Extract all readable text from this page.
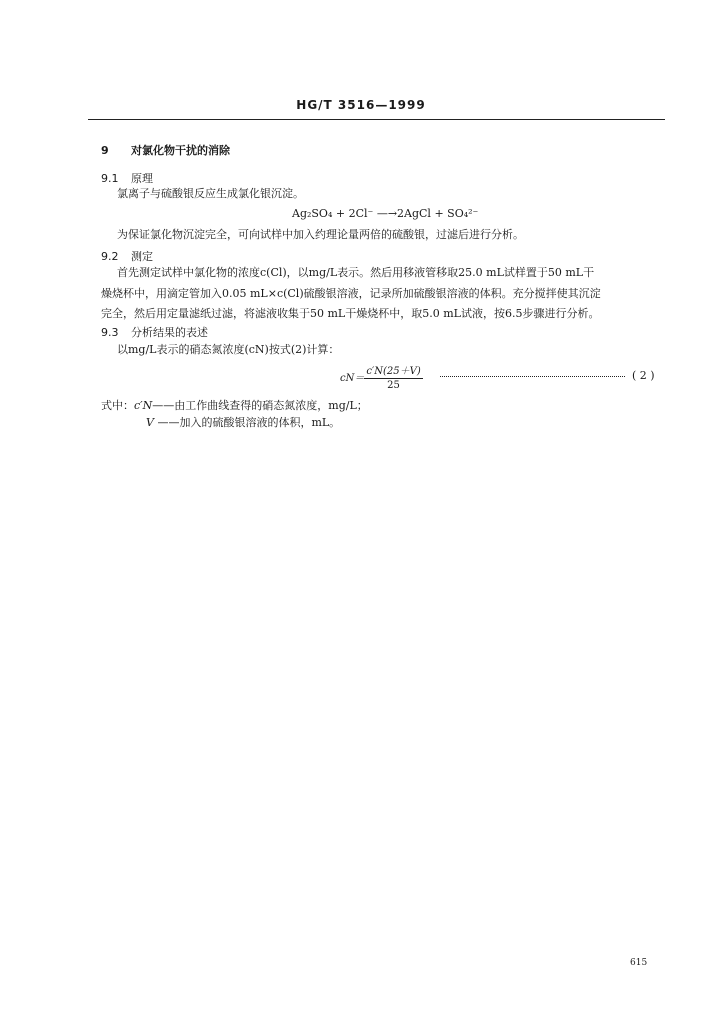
HG/T 3516—1999
9 对氯化物干扰的消除
9.1 原理
氯离子与硫酸银反应生成氯化银沉淀。
Ag₂SO₄ + 2Cl⁻ —→2AgCl + SO₄²⁻
为保证氯化物沉淀完全，可向试样中加入约理论量两倍的硫酸银，过滤后进行分析。
9.2 测定
首先测定试样中氯化物的浓度c(Cl)，以mg/L表示。然后用移液管移取25.0 mL试样置于50 mL干
燥烧杯中，用滴定管加入0.05 mL×c(Cl)硫酸银溶液，记录所加硫酸银溶液的体积。充分搅拌使其沉淀
完全，然后用定量滤纸过滤，将滤液收集于50 mL干燥烧杯中，取5.0 mL试液，按6.5步骤进行分析。
9.3 分析结果的表述
以mg/L表示的硝态氮浓度(cN)按式(2)计算：
$cN= \frac{c'N(25+V)}{25}$	( 2 )
式中：c′N——由工作曲线查得的硝态氮浓度，mg/L；
V ——加入的硫酸银溶液的体积，mL。
615
